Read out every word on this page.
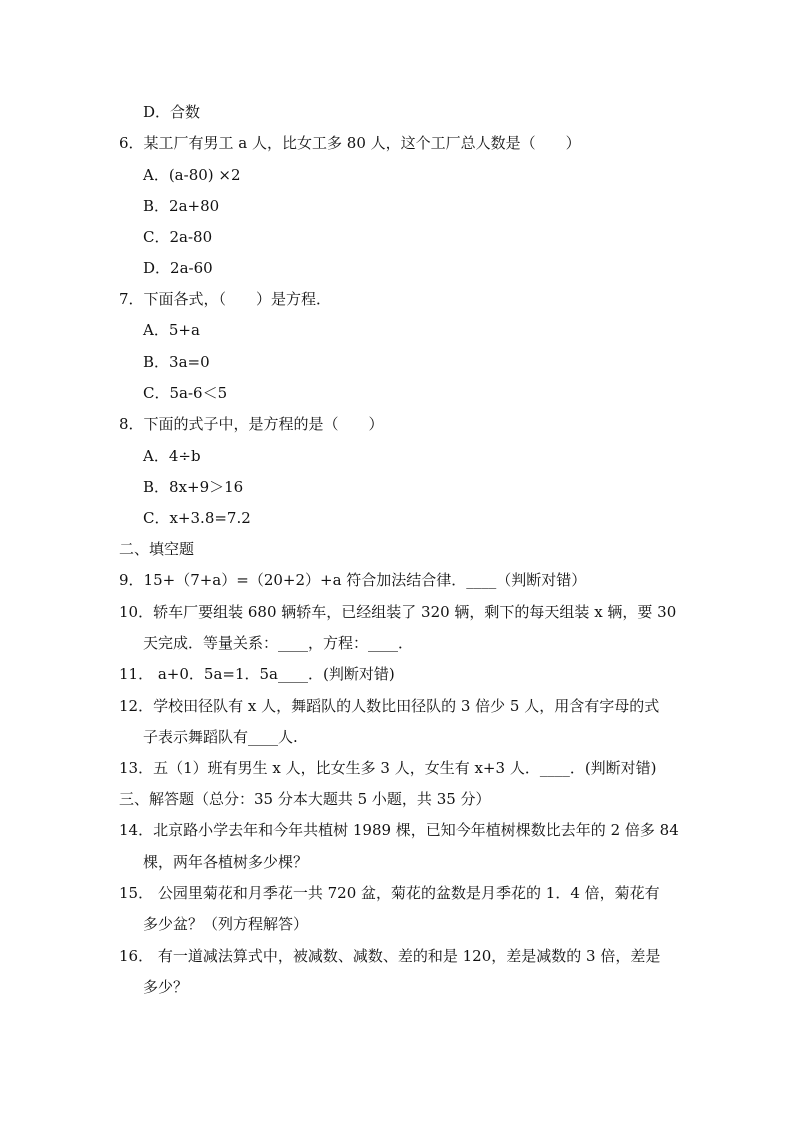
D．合数
6．某工厂有男工 a 人，比女工多 80 人，这个工厂总人数是（　　）
A．(a-80) ×2
B．2a+80
C．2a-80
D．2a-60
7．下面各式，（　　）是方程．
A．5+a
B．3a=0
C．5a-6＜5
8．下面的式子中，是方程的是（　　）
A．4÷b
B．8x+9＞16
C．x+3.8=7.2
二、填空题
9．15+（7+a）=（20+2）+a 符合加法结合律．____（判断对错）
10．轿车厂要组装 680 辆轿车，已经组装了 320 辆，剩下的每天组装 x 辆，要 30
天完成．等量关系：____，方程：____．
11． a+0．5a=1．5a____．(判断对错)
12．学校田径队有 x 人，舞蹈队的人数比田径队的 3 倍少 5 人，用含有字母的式
子表示舞蹈队有____人.
13．五（1）班有男生 x 人，比女生多 3 人，女生有 x+3 人．____．(判断对错)
三、解答题（总分：35 分本大题共 5 小题，共 35 分）
14．北京路小学去年和今年共植树 1989 棵，已知今年植树棵数比去年的 2 倍多 84
棵，两年各植树多少棵？
15． 公园里菊花和月季花一共 720 盆，菊花的盆数是月季花的 1．4 倍，菊花有
多少盆？（列方程解答）
16． 有一道减法算式中，被减数、减数、差的和是 120，差是减数的 3 倍，差是
多少？
